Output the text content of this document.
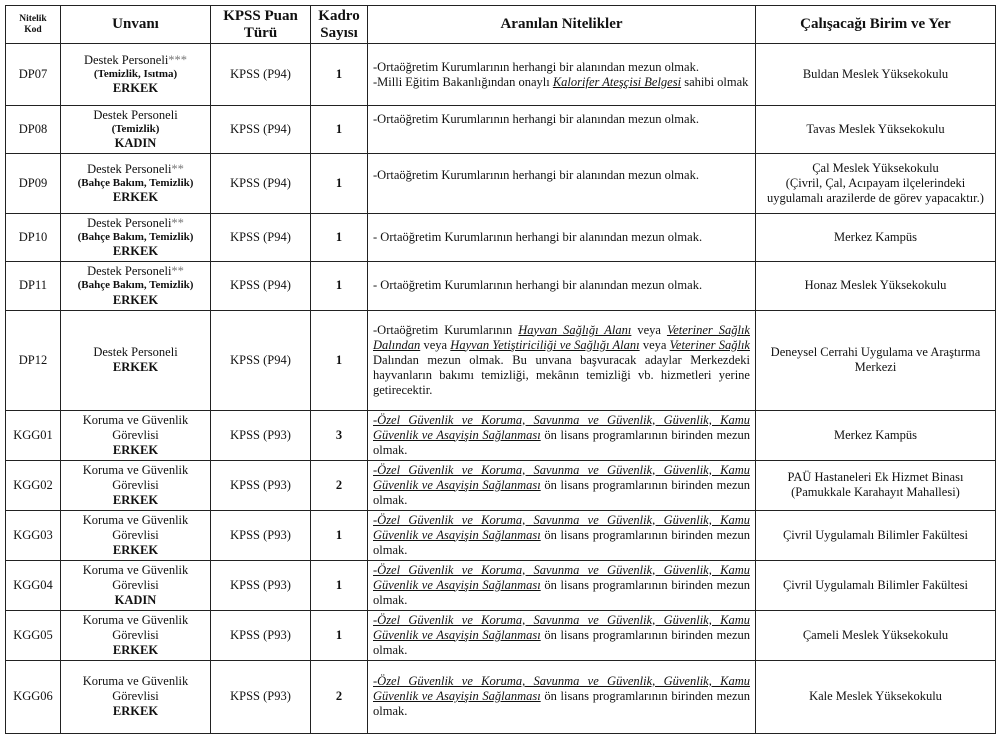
Nitelik Kod	Unvanı	KPSS Puan Türü	Kadro Sayısı	Aranılan Nitelikler	Çalışacağı Birim ve Yer
DP07	Destek Personeli***
(Temizlik, Isıtma)
ERKEK	KPSS (P94)	1	-Ortaöğretim Kurumlarının herhangi bir alanından mezun olmak.
-Milli Eğitim Bakanlığından onaylı Kalorifer Ateşçisi Belgesi sahibi olmak	Buldan Meslek Yüksekokulu
DP08	Destek Personeli
(Temizlik)
KADIN	KPSS (P94)	1	-Ortaöğretim Kurumlarının herhangi bir alanından mezun olmak.	Tavas Meslek Yüksekokulu
DP09	Destek Personeli**
(Bahçe Bakım, Temizlik)
ERKEK	KPSS (P94)	1	-Ortaöğretim Kurumlarının herhangi bir alanından mezun olmak.	Çal Meslek Yüksekokulu
(Çivril, Çal, Acıpayam ilçelerindeki uygulamalı arazilerde de görev yapacaktır.)

DP10	Destek Personeli**
(Bahçe Bakım, Temizlik)
ERKEK	KPSS (P94)	1	- Ortaöğretim Kurumlarının herhangi bir alanından mezun olmak.	Merkez Kampüs
DP11	Destek Personeli**
(Bahçe Bakım, Temizlik)
ERKEK	KPSS (P94)	1	- Ortaöğretim Kurumlarının herhangi bir alanından mezun olmak.	Honaz Meslek Yüksekokulu
DP12	Destek Personeli
ERKEK	KPSS (P94)	1	-Ortaöğretim Kurumlarının Hayvan Sağlığı Alanı veya Veteriner Sağlık Dalından veya Hayvan Yetiştiriciliği ve Sağlığı Alanı veya Veteriner Sağlık Dalından mezun olmak. Bu unvana başvuracak adaylar Merkezdeki hayvanların bakımı temizliği, mekânın temizliği vb. hizmetleri yerine getirecektir.	Deneysel Cerrahi Uygulama ve Araştırma Merkezi
KGG01	Koruma ve Güvenlik Görevlisi
ERKEK	KPSS (P93)	3	-Özel Güvenlik ve Koruma, Savunma ve Güvenlik, Güvenlik, Kamu Güvenlik ve Asayişin Sağlanması ön lisans programlarının birinden mezun olmak.	Merkez Kampüs
KGG02	Koruma ve Güvenlik Görevlisi
ERKEK	KPSS (P93)	2	-Özel Güvenlik ve Koruma, Savunma ve Güvenlik, Güvenlik, Kamu Güvenlik ve Asayişin Sağlanması ön lisans programlarının birinden mezun olmak.	PAÜ Hastaneleri Ek Hizmet Binası
(Pamukkale Karahayıt Mahallesi)

KGG03	Koruma ve Güvenlik Görevlisi
ERKEK	KPSS (P93)	1	-Özel Güvenlik ve Koruma, Savunma ve Güvenlik, Güvenlik, Kamu Güvenlik ve Asayişin Sağlanması ön lisans programlarının birinden mezun olmak.	Çivril Uygulamalı Bilimler Fakültesi
KGG04	Koruma ve Güvenlik Görevlisi
KADIN	KPSS (P93)	1	-Özel Güvenlik ve Koruma, Savunma ve Güvenlik, Güvenlik, Kamu Güvenlik ve Asayişin Sağlanması ön lisans programlarının birinden mezun olmak.	Çivril Uygulamalı Bilimler Fakültesi
KGG05	Koruma ve Güvenlik Görevlisi
ERKEK	KPSS (P93)	1	-Özel Güvenlik ve Koruma, Savunma ve Güvenlik, Güvenlik, Kamu Güvenlik ve Asayişin Sağlanması ön lisans programlarının birinden mezun olmak.	Çameli Meslek Yüksekokulu
KGG06	Koruma ve Güvenlik Görevlisi
ERKEK	KPSS (P93)	2	-Özel Güvenlik ve Koruma, Savunma ve Güvenlik, Güvenlik, Kamu Güvenlik ve Asayişin Sağlanması ön lisans programlarının birinden mezun olmak.	Kale Meslek Yüksekokulu
